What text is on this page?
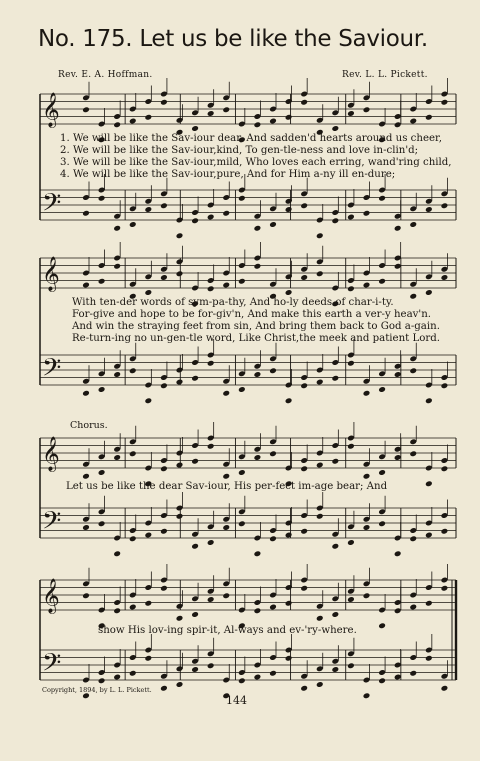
No. 175. Let us be like the Saviour.
Rev. E. A. Hoffman.	Rev. L. L. Pickett.
𝄞
𝄢
𝄞
𝄢
𝄞
𝄢
𝄞
𝄢
1. We will be like the Sav-iour dear, And sadden'd hearts around us cheer,
2. We will be like the Sav-iour,kind, To gen-tle-ness and love in-clin'd;
3. We will be like the Sav-iour,mild, Who loves each erring, wand'ring child,
4. We will be like the Sav-iour,pure, And for Him a-ny ill en-dure;
With ten-der words of sym-pa-thy, And ho-ly deeds of char-i-ty.
For-give and hope to be for-giv'n, And make this earth a ver-y heav'n.
And win the straying feet from sin, And bring them back to God a-gain.
Re-turn-ing no un-gen-tle word, Like Christ,the meek and patient Lord.
Chorus.
Let us be like the dear Sav-iour, His per-fect im-age bear; And
show His lov-ing spir-it, Al-ways and ev-'ry-where.
Copyright, 1894, by L. L. Pickett.
144
